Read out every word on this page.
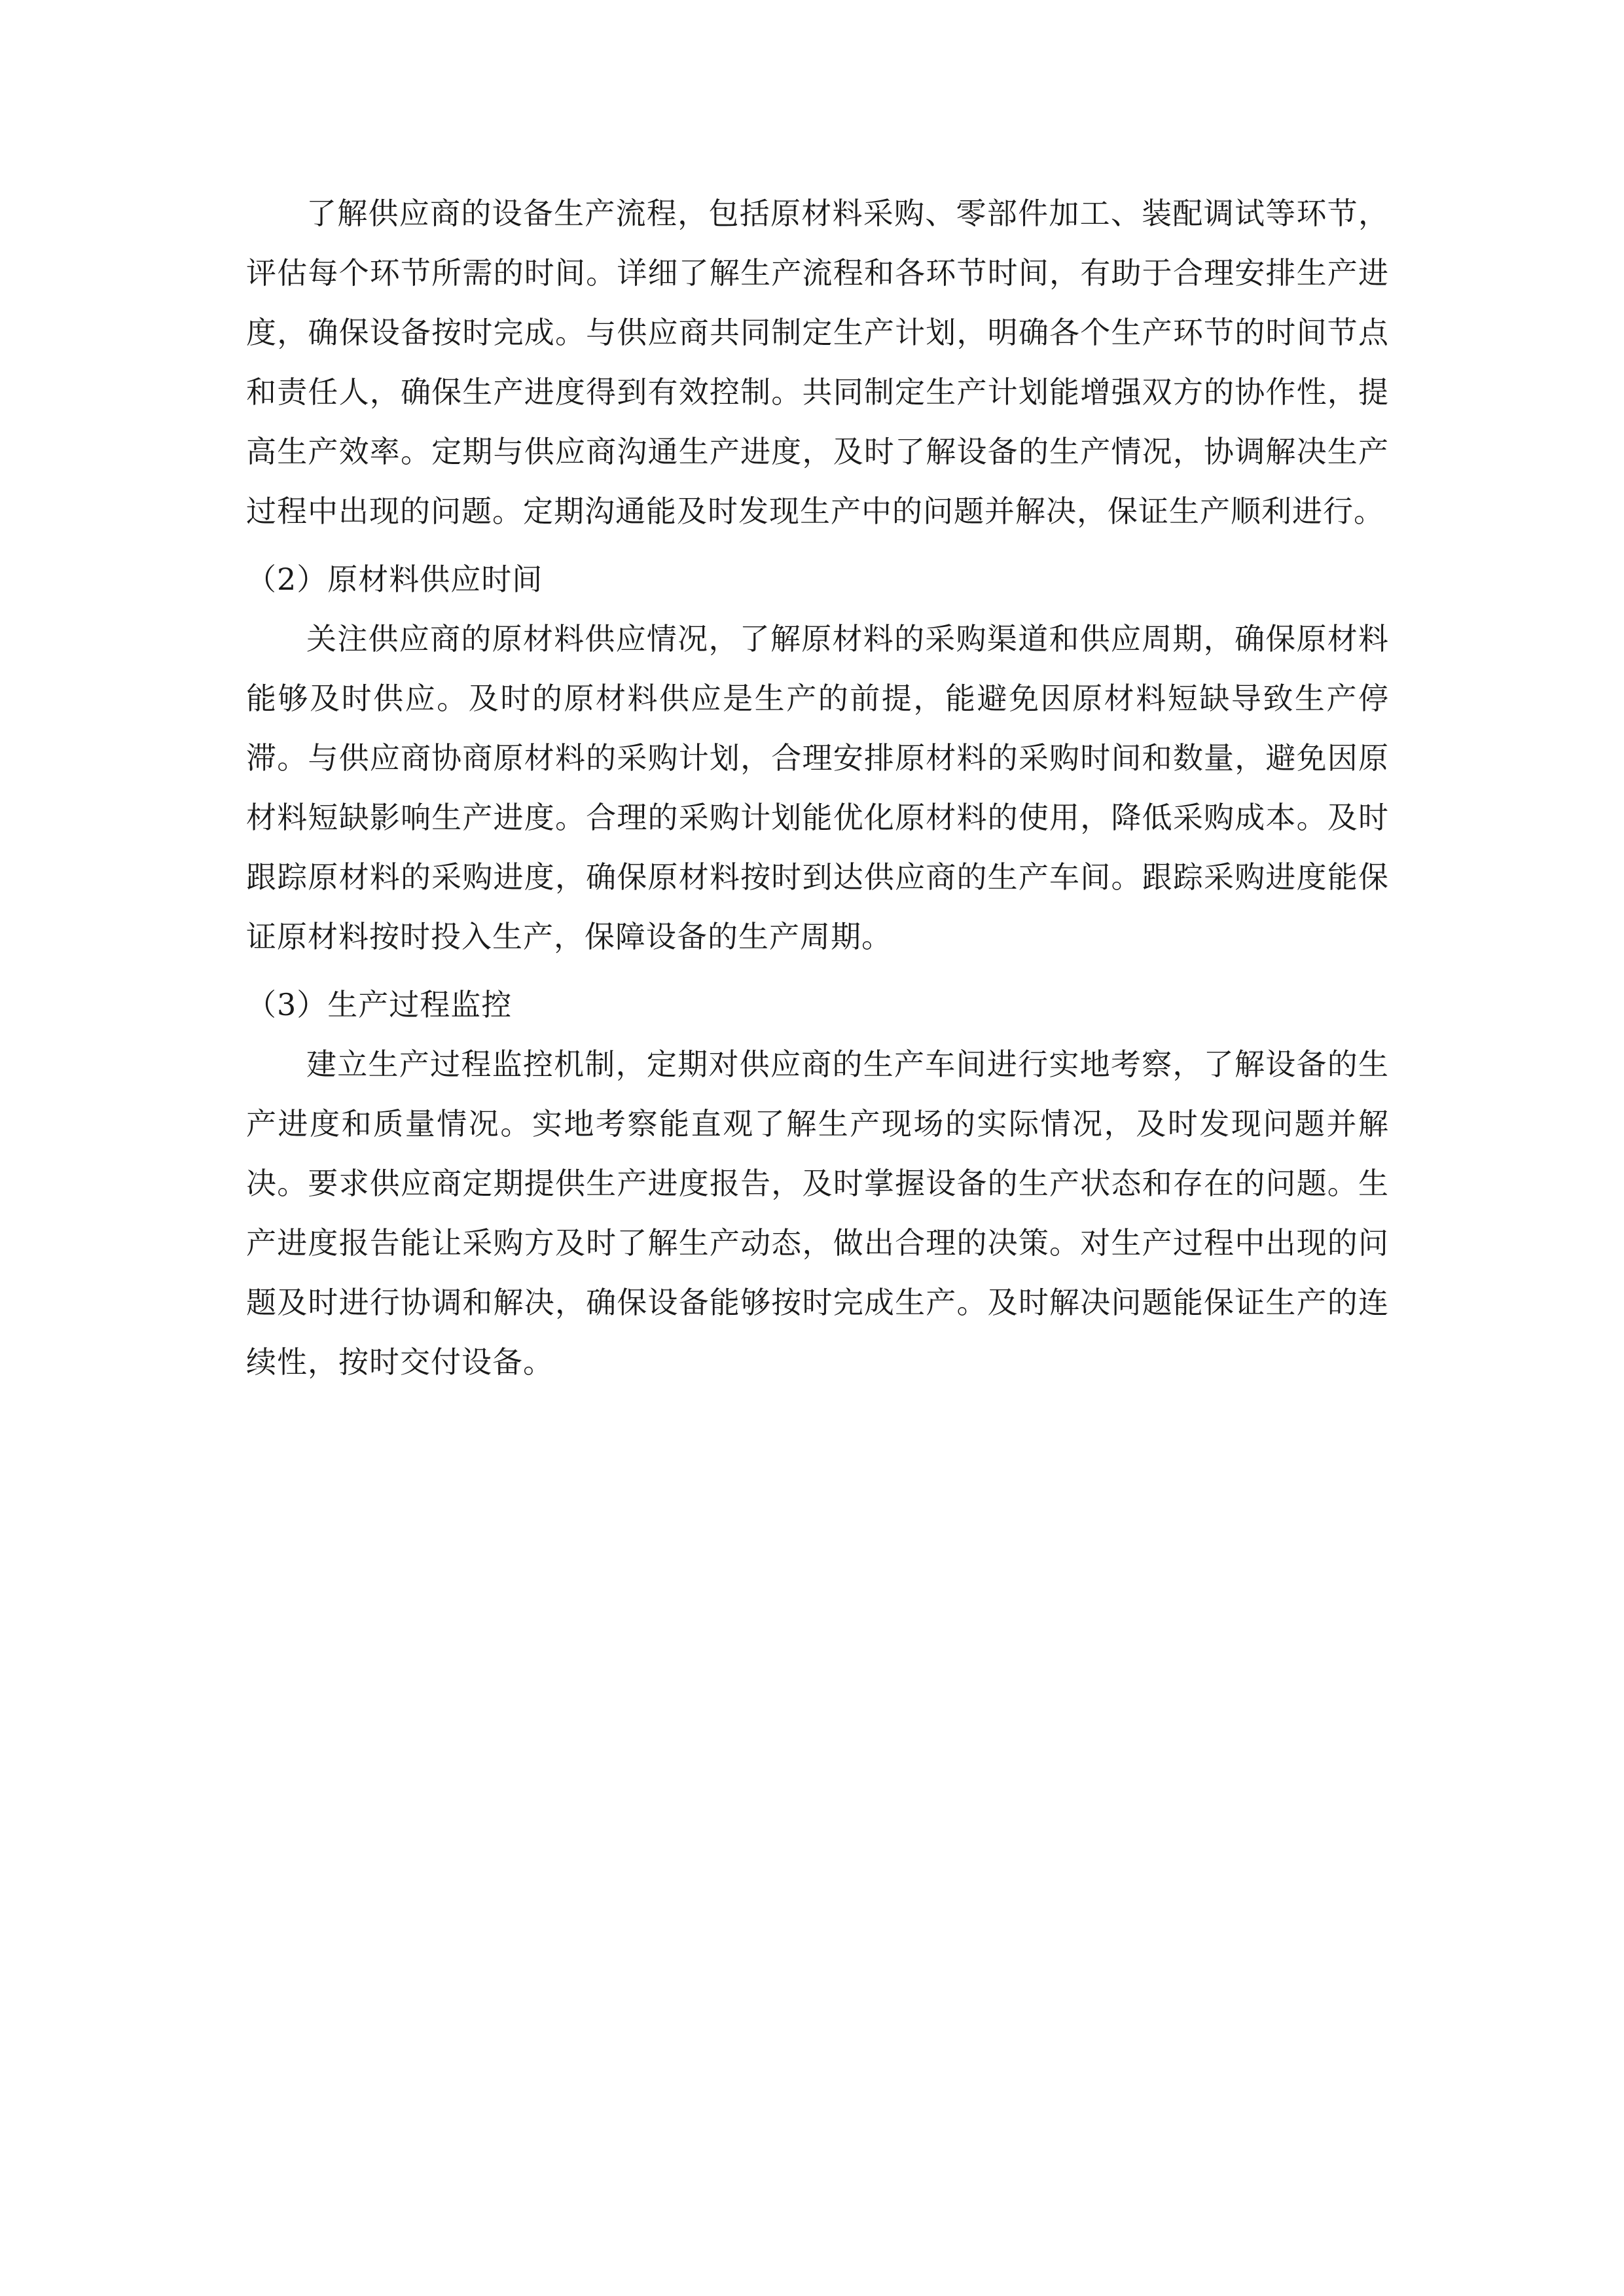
了解供应商的设备生产流程，包括原材料采购、零部件加工、装配调试等环节，评估每个环节所需的时间。详细了解生产流程和各环节时间，有助于合理安排生产进度，确保设备按时完成。与供应商共同制定生产计划，明确各个生产环节的时间节点和责任人，确保生产进度得到有效控制。共同制定生产计划能增强双方的协作性，提高生产效率。定期与供应商沟通生产进度，及时了解设备的生产情况，协调解决生产过程中出现的问题。定期沟通能及时发现生产中的问题并解决，保证生产顺利进行。

（2）原材料供应时间

关注供应商的原材料供应情况，了解原材料的采购渠道和供应周期，确保原材料能够及时供应。及时的原材料供应是生产的前提，能避免因原材料短缺导致生产停滞。与供应商协商原材料的采购计划，合理安排原材料的采购时间和数量，避免因原材料短缺影响生产进度。合理的采购计划能优化原材料的使用，降低采购成本。及时跟踪原材料的采购进度，确保原材料按时到达供应商的生产车间。跟踪采购进度能保证原材料按时投入生产，保障设备的生产周期。

（3）生产过程监控

建立生产过程监控机制，定期对供应商的生产车间进行实地考察，了解设备的生产进度和质量情况。实地考察能直观了解生产现场的实际情况，及时发现问题并解决。要求供应商定期提供生产进度报告，及时掌握设备的生产状态和存在的问题。生产进度报告能让采购方及时了解生产动态，做出合理的决策。对生产过程中出现的问题及时进行协调和解决，确保设备能够按时完成生产。及时解决问题能保证生产的连续性，按时交付设备。
